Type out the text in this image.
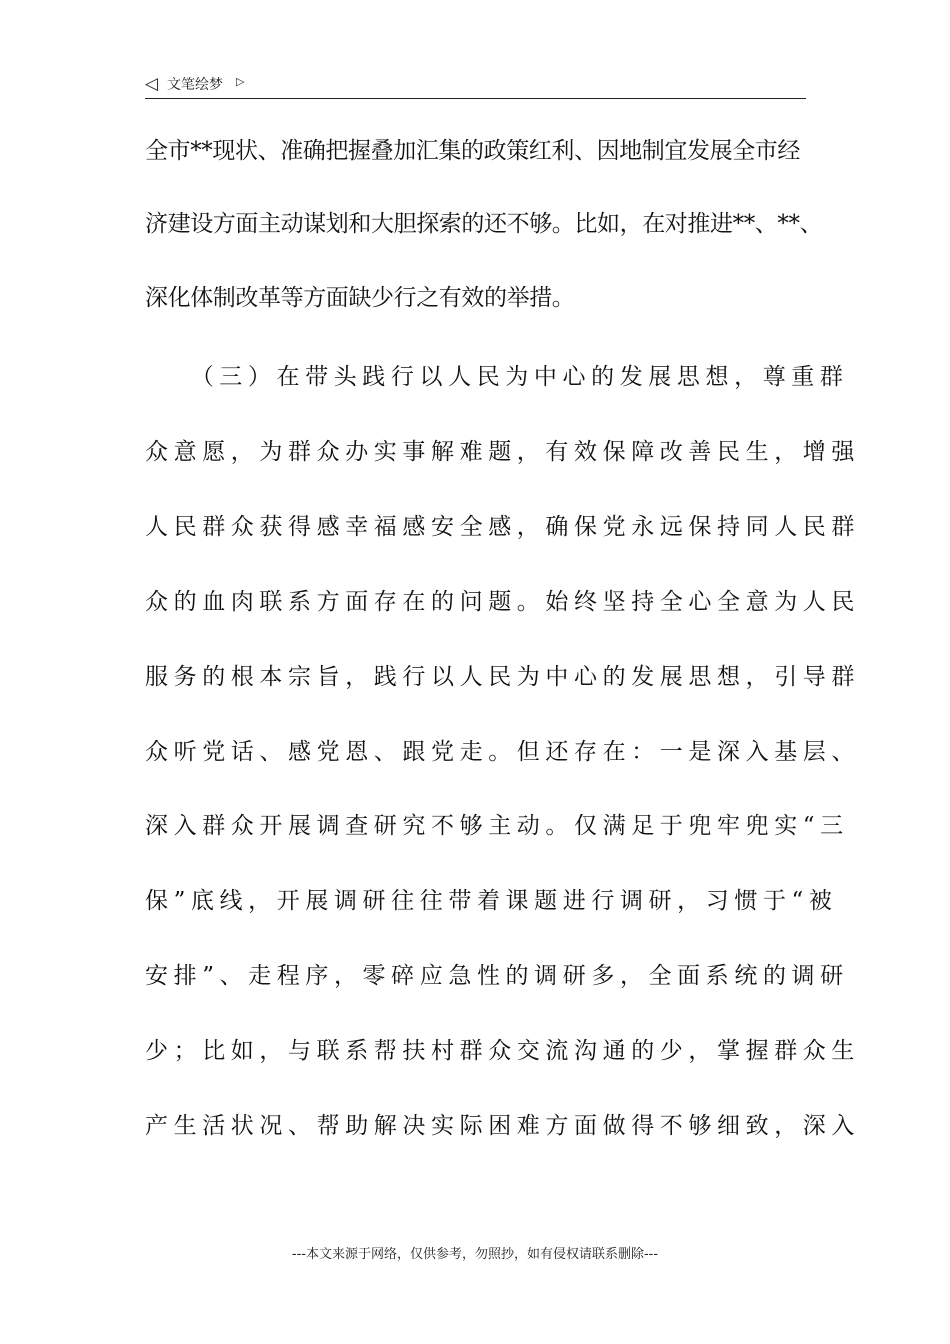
◁ 文笔绘梦 ▷
全市**现状、准确把握叠加汇集的政策红利、因地制宜发展全市经
济建设方面主动谋划和大胆探索的还不够。比如，在对推进**、**、
深化体制改革等方面缺少行之有效的举措。
　　（三）在带头践行以人民为中心的发展思想，尊重群
众意愿，为群众办实事解难题，有效保障改善民生，增强
人民群众获得感幸福感安全感，确保党永远保持同人民群
众的血肉联系方面存在的问题。始终坚持全心全意为人民
服务的根本宗旨，践行以人民为中心的发展思想，引导群
众听党话、感党恩、跟党走。但还存在：一是深入基层、
深入群众开展调查研究不够主动。仅满足于兜牢兜实“三
保”底线，开展调研往往带着课题进行调研，习惯于“被
安排”、走程序，零碎应急性的调研多，全面系统的调研
少；比如，与联系帮扶村群众交流沟通的少，掌握群众生
产生活状况、帮助解决实际困难方面做得不够细致，深入
---本文来源于网络，仅供参考，勿照抄，如有侵权请联系删除---
